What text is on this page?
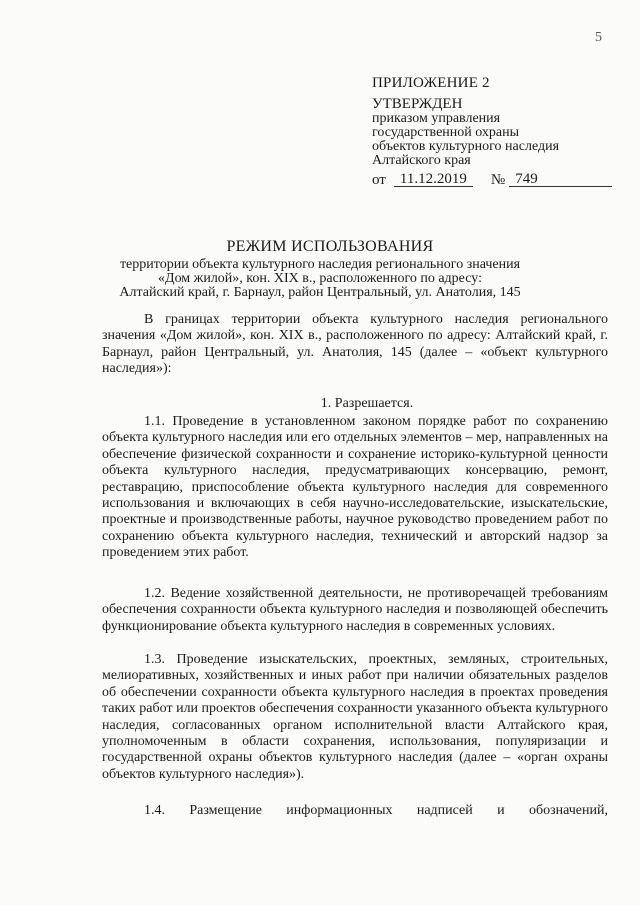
5
ПРИЛОЖЕНИЕ 2
УТВЕРЖДЕН
приказом управления
государственной охраны
объектов культурного наследия
Алтайского края
от 11.12.2019	№ 749
РЕЖИМ ИСПОЛЬЗОВАНИЯ
территории объекта культурного наследия регионального значения
«Дом жилой», кон. XIX в., расположенного по адресу:
Алтайский край, г. Барнаул, район Центральный, ул. Анатолия, 145

В границах территории объекта культурного наследия регионального значения «Дом жилой», кон. XIX в., расположенного по адресу: Алтайский край, г. Барнаул, район Центральный, ул. Анатолия, 145 (далее – «объект культурного наследия»):

1. Разрешается.

1.1. Проведение в установленном законом порядке работ по сохранению объекта культурного наследия или его отдельных элементов – мер, направленных на обеспечение физической сохранности и сохранение историко-культурной ценности объекта культурного наследия, предусматривающих консервацию, ремонт, реставрацию, приспособление объекта культурного наследия для современного использования и включающих в себя научно-исследовательские, изыскательские, проектные и производственные работы, научное руководство проведением работ по сохранению объекта культурного наследия, технический и авторский надзор за проведением этих работ.

1.2. Ведение хозяйственной деятельности, не противоречащей требованиям обеспечения сохранности объекта культурного наследия и позволяющей обеспечить функционирование объекта культурного наследия в современных условиях.

1.3. Проведение изыскательских, проектных, земляных, строительных, мелиоративных, хозяйственных и иных работ при наличии обязательных разделов об обеспечении сохранности объекта культурного наследия в проектах проведения таких работ или проектов обеспечения сохранности указанного объекта культурного наследия, согласованных органом исполнительной власти Алтайского края, уполномоченным в области сохранения, использования, популяризации и государственной охраны объектов культурного наследия (далее – «орган охраны объектов культурного наследия»).

1.4. Размещение информационных надписей и обозначений,
